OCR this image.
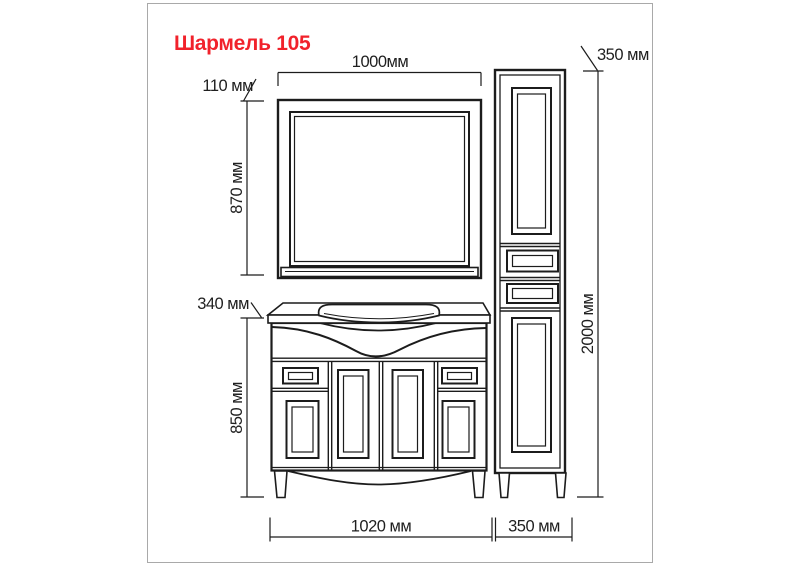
Шармель 105
1000мм
110 мм
870 мм
350 мм
2000 мм
340 мм
850 мм
1020 мм	350 мм
